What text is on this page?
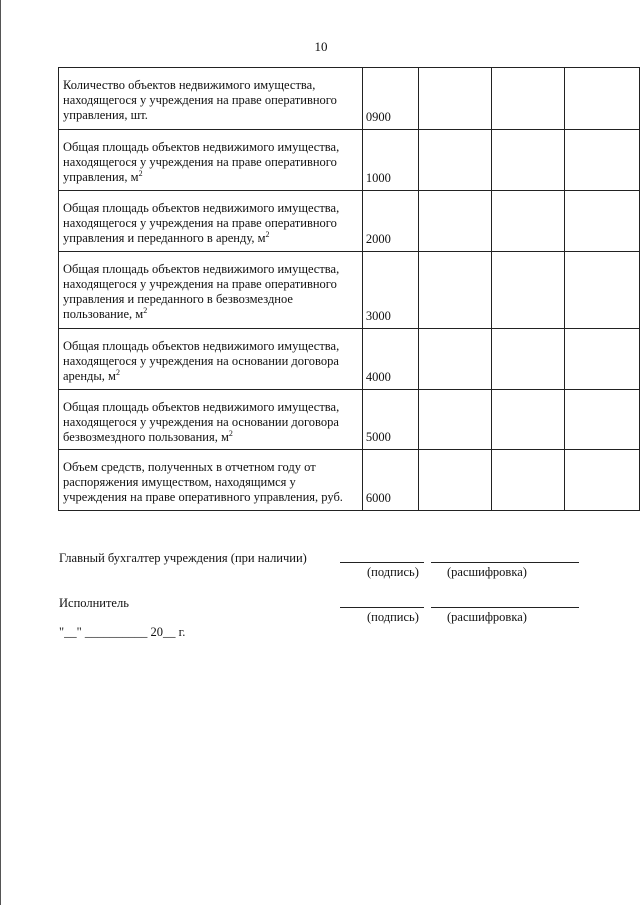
10
Количество объектов недвижимого имущества, находящегося у учреждения на праве оперативного управления, шт.	0900			
Общая площадь объектов недвижимого имущества, находящегося у учреждения на праве оперативного управления, $м^2$	1000			
Общая площадь объектов недвижимого имущества, находящегося у учреждения на праве оперативного управления и переданного в аренду, $м^2$	2000			
Общая площадь объектов недвижимого имущества, находящегося у учреждения на праве оперативного управления и переданного в безвозмездное пользование, $м^2$	3000			
Общая площадь объектов недвижимого имущества, находящегося у учреждения на основании договора аренды, $м^2$	4000			
Общая площадь объектов недвижимого имущества, находящегося у учреждения на основании договора безвозмездного пользования, $м^2$	5000			
Объем средств, полученных в отчетном году от распоряжения имуществом, находящимся у учреждения на праве оперативного управления, руб.	6000			
Главный бухгалтер учреждения (при наличии)
(подпись) (расшифровка)
Исполнитель
(подпись) (расшифровка)
"__" __________ 20__ г.
